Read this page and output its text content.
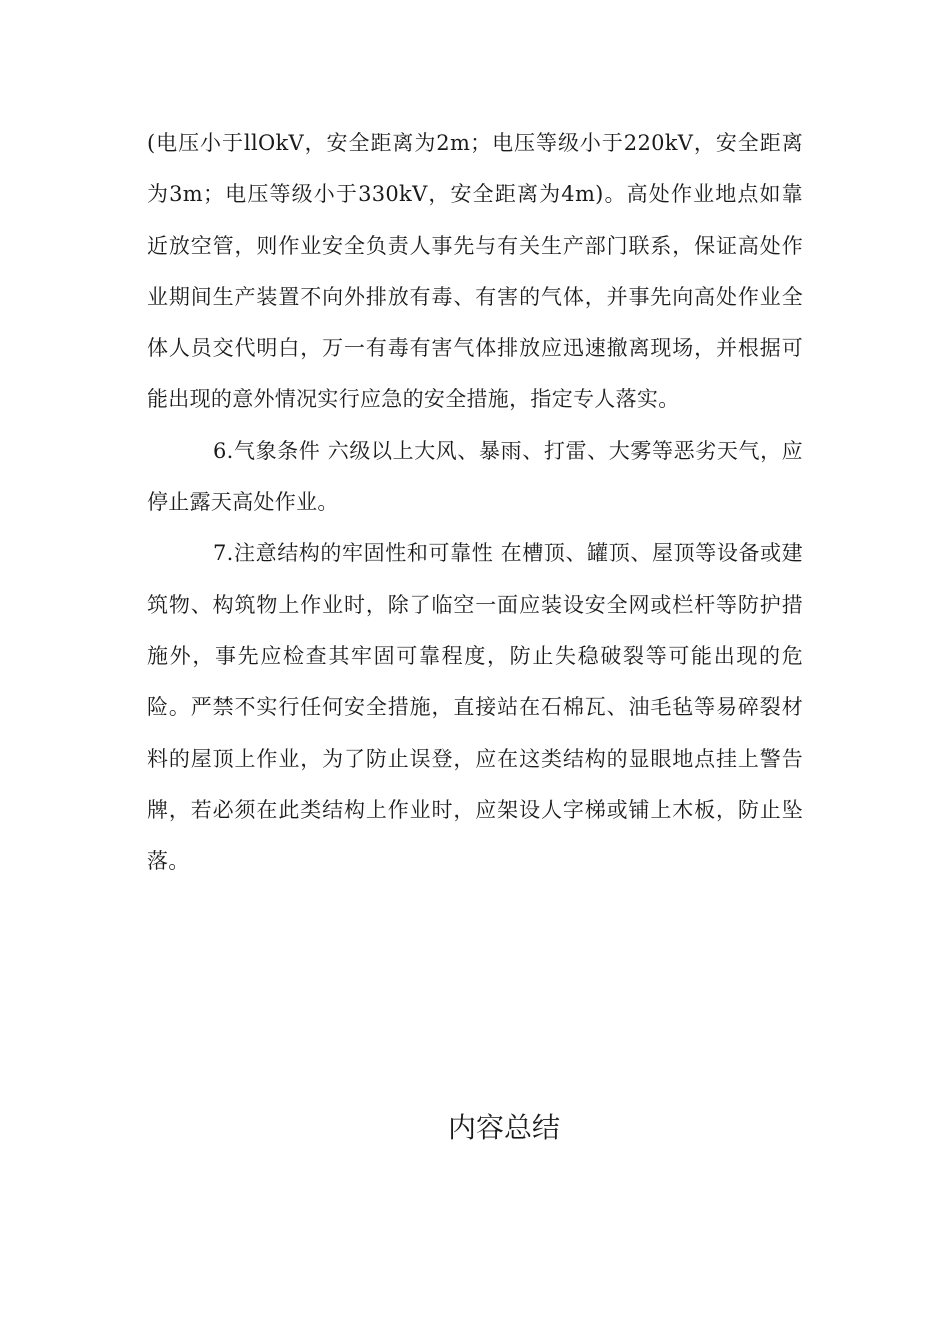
(电压小于llOkV，安全距离为2m；电压等级小于220kV，安全距离为3m；电压等级小于330kV，安全距离为4m)。高处作业地点如靠近放空管，则作业安全负责人事先与有关生产部门联系，保证高处作业期间生产装置不向外排放有毒、有害的气体，并事先向高处作业全体人员交代明白，万一有毒有害气体排放应迅速撤离现场，并根据可能出现的意外情况实行应急的安全措施，指定专人落实。

6.气象条件 六级以上大风、暴雨、打雷、大雾等恶劣天气，应停止露天高处作业。

7.注意结构的牢固性和可靠性 在槽顶、罐顶、屋顶等设备或建筑物、构筑物上作业时，除了临空一面应装设安全网或栏杆等防护措施外，事先应检查其牢固可靠程度，防止失稳破裂等可能出现的危险。严禁不实行任何安全措施，直接站在石棉瓦、油毛毡等易碎裂材料的屋顶上作业，为了防止误登，应在这类结构的显眼地点挂上警告牌，若必须在此类结构上作业时，应架设人字梯或铺上木板，防止坠落。

内容总结
